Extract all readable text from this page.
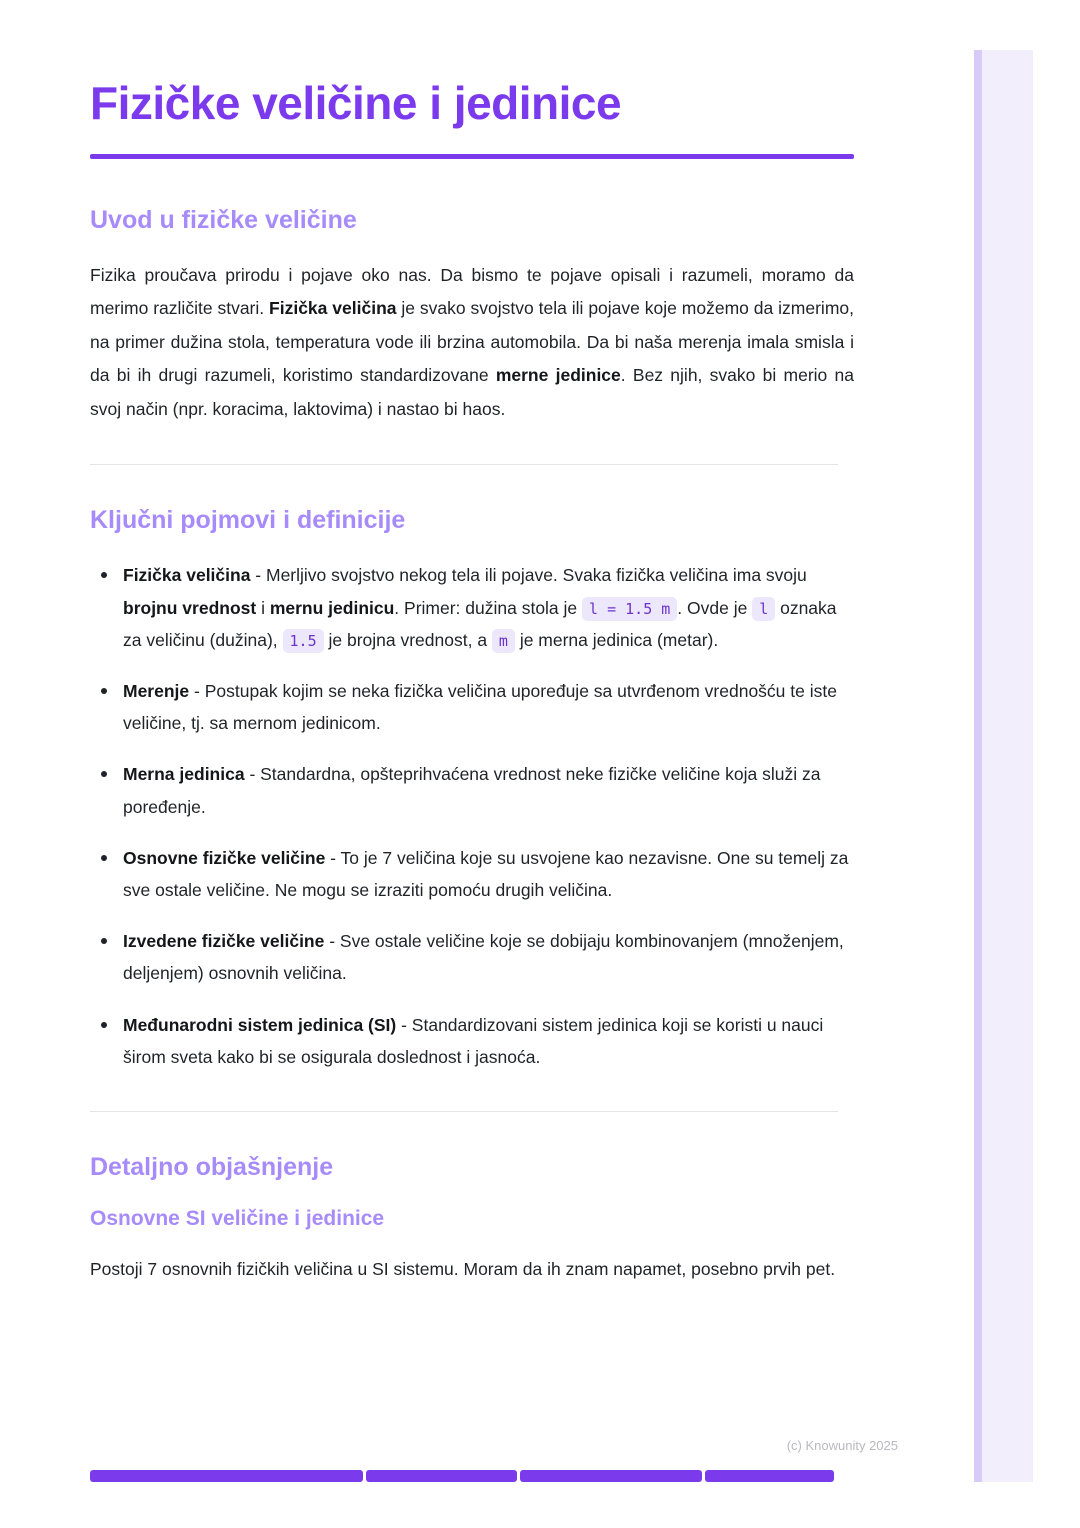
Fizičke veličine i jedinice
Uvod u fizičke veličine

Fizika proučava prirodu i pojave oko nas. Da bismo te pojave opisali i razumeli, moramo da merimo različite stvari. Fizička veličina je svako svojstvo tela ili pojave koje možemo da izmerimo, na primer dužina stola, temperatura vode ili brzina automobila. Da bi naša merenja imala smisla i da bi ih drugi razumeli, koristimo standardizovane merne jedinice. Bez njih, svako bi merio na svoj način (npr. koracima, laktovima) i nastao bi haos.

Ključni pojmovi i definicije
Fizička veličina - Merljivo svojstvo nekog tela ili pojave. Svaka fizička veličina ima svoju brojnu vrednost i mernu jedinicu. Primer: dužina stola je l = 1.5 m . Ovde je l oznaka za veličinu (dužina), 1.5 je brojna vrednost, a m je merna jedinica (metar).
Merenje - Postupak kojim se neka fizička veličina upoređuje sa utvrđenom vrednošću te iste veličine, tj. sa mernom jedinicom.
Merna jedinica - Standardna, opšteprihvaćena vrednost neke fizičke veličine koja služi za poređenje.
Osnovne fizičke veličine - To je 7 veličina koje su usvojene kao nezavisne. One su temelj za sve ostale veličine. Ne mogu se izraziti pomoću drugih veličina.
Izvedene fizičke veličine - Sve ostale veličine koje se dobijaju kombinovanjem (množenjem, deljenjem) osnovnih veličina.
Međunarodni sistem jedinica (SI) - Standardizovani sistem jedinica koji se koristi u nauci širom sveta kako bi se osigurala doslednost i jasnoća.
Detaljno objašnjenje
Osnovne SI veličine i jedinice

Postoji 7 osnovnih fizičkih veličina u SI sistemu. Moram da ih znam napamet, posebno prvih pet.

(c) Knowunity 2025
